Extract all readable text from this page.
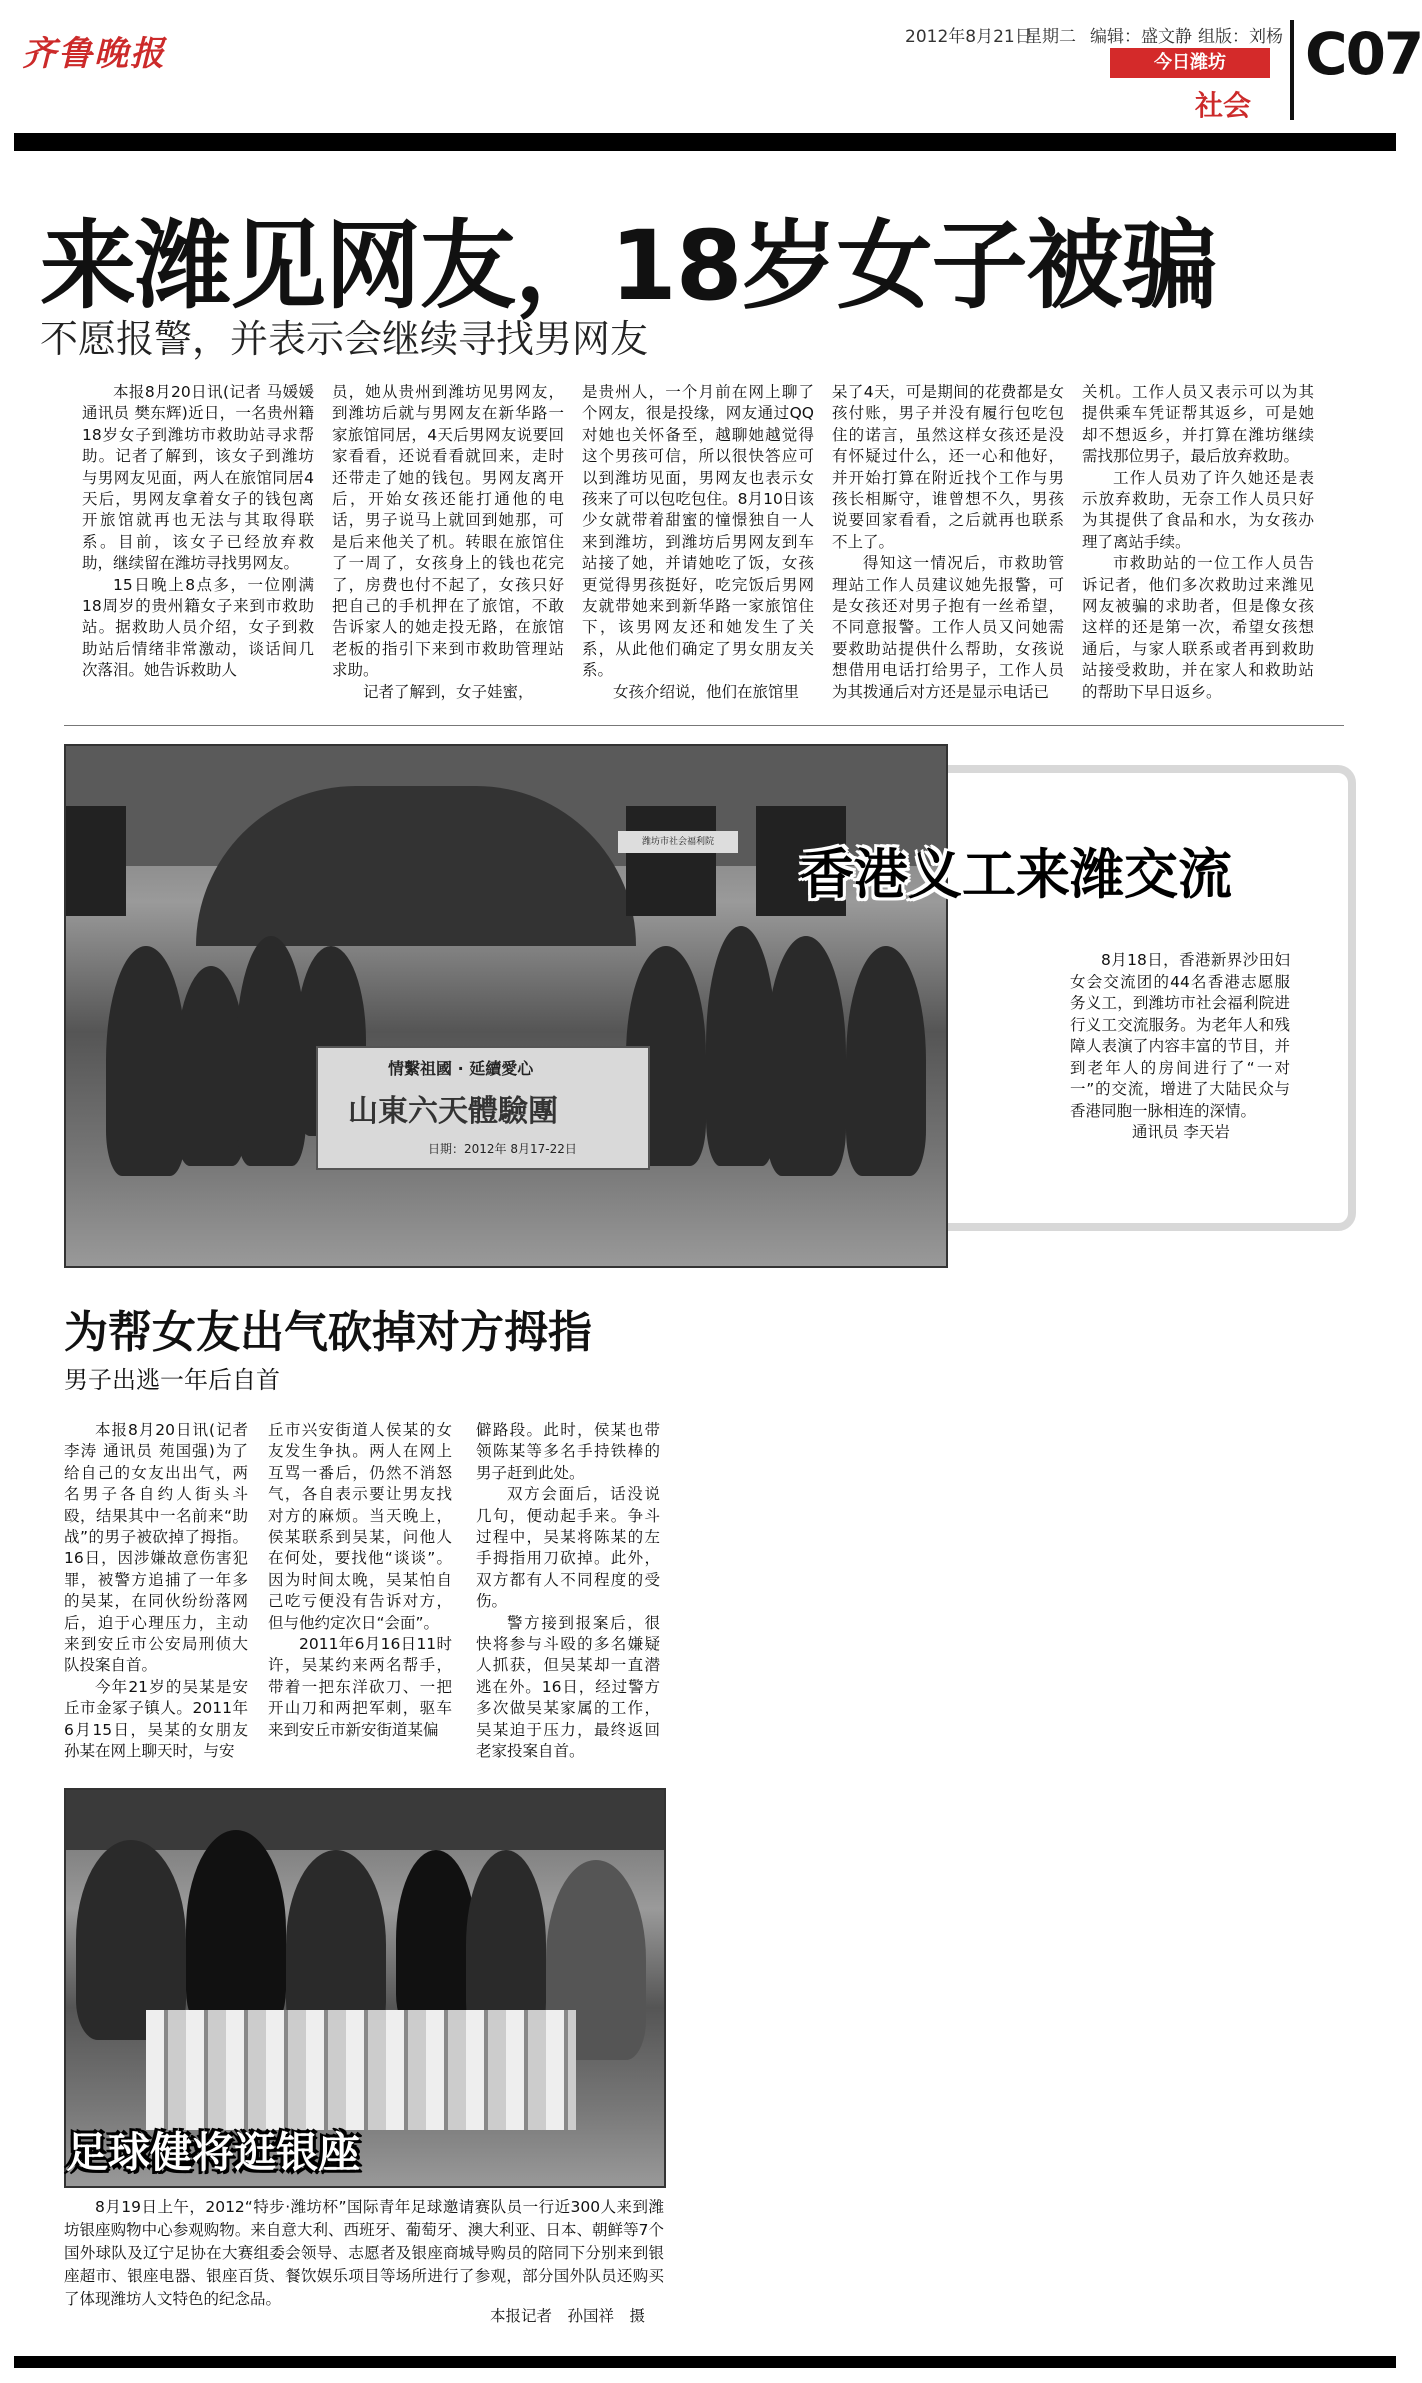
齐鲁晚报	2012年8月21日
星期二 编辑：盛文静 组版：刘杨
今日潍坊
社会
C07
来潍见网友，18岁女子被骗
不愿报警，并表示会继续寻找男网友

本报8月20日讯(记者 马媛媛 通讯员 樊东辉)近日，一名贵州籍18岁女子到潍坊市救助站寻求帮助。记者了解到，该女子到潍坊与男网友见面，两人在旅馆同居4天后，男网友拿着女子的钱包离开旅馆就再也无法与其取得联系。目前，该女子已经放弃救助，继续留在潍坊寻找男网友。

15日晚上8点多，一位刚满18周岁的贵州籍女子来到市救助站。据救助人员介绍，女子到救助站后情绪非常激动，谈话间几次落泪。她告诉救助人

员，她从贵州到潍坊见男网友，到潍坊后就与男网友在新华路一家旅馆同居，4天后男网友说要回家看看，还说看看就回来，走时还带走了她的钱包。男网友离开后，开始女孩还能打通他的电话，男子说马上就回到她那，可是后来他关了机。转眼在旅馆住了一周了，女孩身上的钱也花完了，房费也付不起了，女孩只好把自己的手机押在了旅馆，不敢告诉家人的她走投无路，在旅馆老板的指引下来到市救助管理站求助。

记者了解到，女子娃蜜，

是贵州人，一个月前在网上聊了个网友，很是投缘，网友通过QQ对她也关怀备至，越聊她越觉得这个男孩可信，所以很快答应可以到潍坊见面，男网友也表示女孩来了可以包吃包住。8月10日该少女就带着甜蜜的憧憬独自一人来到潍坊，到潍坊后男网友到车站接了她，并请她吃了饭，女孩更觉得男孩挺好，吃完饭后男网友就带她来到新华路一家旅馆住下，该男网友还和她发生了关系，从此他们确定了男女朋友关系。

女孩介绍说，他们在旅馆里

呆了4天，可是期间的花费都是女孩付账，男子并没有履行包吃包住的诺言，虽然这样女孩还是没有怀疑过什么，还一心和他好，并开始打算在附近找个工作与男孩长相厮守，谁曾想不久，男孩说要回家看看，之后就再也联系不上了。

得知这一情况后，市救助管理站工作人员建议她先报警，可是女孩还对男子抱有一丝希望，不同意报警。工作人员又问她需要救助站提供什么帮助，女孩说想借用电话打给男子，工作人员为其拨通后对方还是显示电话已

关机。工作人员又表示可以为其提供乘车凭证帮其返乡，可是她却不想返乡，并打算在潍坊继续需找那位男子，最后放弃救助。

工作人员劝了许久她还是表示放弃救助，无奈工作人员只好为其提供了食品和水，为女孩办理了离站手续。

市救助站的一位工作人员告诉记者，他们多次救助过来潍见网友被骗的求助者，但是像女孩这样的还是第一次，希望女孩想通后，与家人联系或者再到救助站接受救助，并在家人和救助站的帮助下早日返乡。

潍坊市社会福利院
情繫祖國 · 延續愛心
山東六天體驗團
日期：2012年 8月17-22日
香港义工来潍交流
8月18日，香港新界沙田妇女会交流团的44名香港志愿服务义工，到潍坊市社会福利院进行义工交流服务。为老年人和残障人表演了内容丰富的节目，并到老年人的房间进行了“一对一”的交流，增进了大陆民众与香港同胞一脉相连的深情。
通讯员 李天岩
为帮女友出气砍掉对方拇指
男子出逃一年后自首

本报8月20日讯(记者 李涛 通讯员 苑国强)为了给自己的女友出出气，两名男子各自约人街头斗殴，结果其中一名前来“助战”的男子被砍掉了拇指。16日，因涉嫌故意伤害犯罪，被警方追捕了一年多的吴某，在同伙纷纷落网后，迫于心理压力，主动来到安丘市公安局刑侦大队投案自首。

今年21岁的吴某是安丘市金冢子镇人。2011年6月15日，吴某的女朋友孙某在网上聊天时，与安

丘市兴安街道人侯某的女友发生争执。两人在网上互骂一番后，仍然不消怒气，各自表示要让男友找对方的麻烦。当天晚上，侯某联系到吴某，问他人在何处，要找他“谈谈”。因为时间太晚，吴某怕自己吃亏便没有告诉对方，但与他约定次日“会面”。

2011年6月16日11时许，吴某约来两名帮手，带着一把东洋砍刀、一把开山刀和两把军刺，驱车来到安丘市新安街道某偏

僻路段。此时，侯某也带领陈某等多名手持铁棒的男子赶到此处。

双方会面后，话没说几句，便动起手来。争斗过程中，吴某将陈某的左手拇指用刀砍掉。此外，双方都有人不同程度的受伤。

警方接到报案后，很快将参与斗殴的多名嫌疑人抓获，但吴某却一直潜逃在外。16日，经过警方多次做吴某家属的工作，吴某迫于压力，最终返回老家投案自首。

足球健将逛银座

8月19日上午，2012“特步·潍坊杯”国际青年足球邀请赛队员一行近300人来到潍坊银座购物中心参观购物。来自意大利、西班牙、葡萄牙、澳大利亚、日本、朝鲜等7个国外球队及辽宁足协在大赛组委会领导、志愿者及银座商城导购员的陪同下分别来到银座超市、银座电器、银座百货、餐饮娱乐项目等场所进行了参观，部分国外队员还购买了体现潍坊人文特色的纪念品。

本报记者　孙国祥　摄
